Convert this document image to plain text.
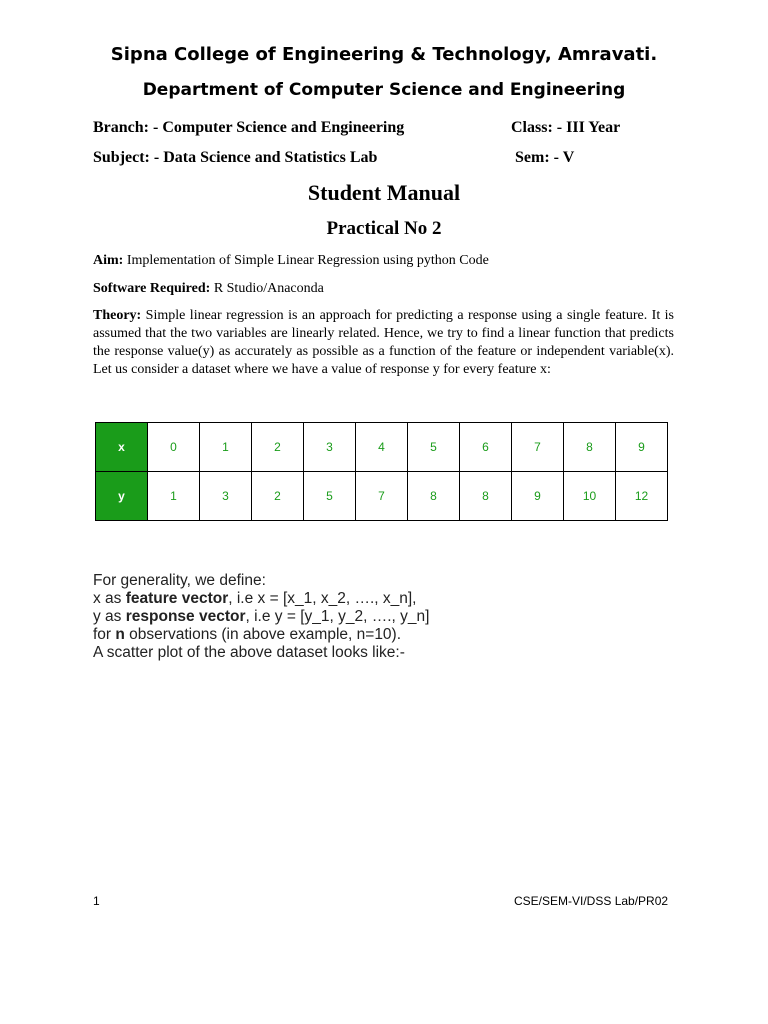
Sipna College of Engineering & Technology, Amravati.
Department of Computer Science and Engineering
Branch: - Computer Science and Engineering	Class: - III Year
Subject: - Data Science and Statistics Lab	Sem: - V
Student Manual
Practical No 2
Aim: Implementation of Simple Linear Regression using python Code
Software Required: R Studio/Anaconda
Theory: Simple linear regression is an approach for predicting a response using a single feature. It is assumed that the two variables are linearly related. Hence, we try to find a linear function that predicts the response value(y) as accurately as possible as a function of the feature or independent variable(x). Let us consider a dataset where we have a value of response y for every feature x:
x	0	1	2	3	4	5	6	7	8	9
y	1	3	2	5	7	8	8	9	10	12
For generality, we define:
x as feature vector, i.e x = [x_1, x_2, …., x_n],
y as response vector, i.e y = [y_1, y_2, …., y_n]
for n observations (in above example, n=10).
A scatter plot of the above dataset looks like:-
1	CSE/SEM-VI/DSS Lab/PR02
